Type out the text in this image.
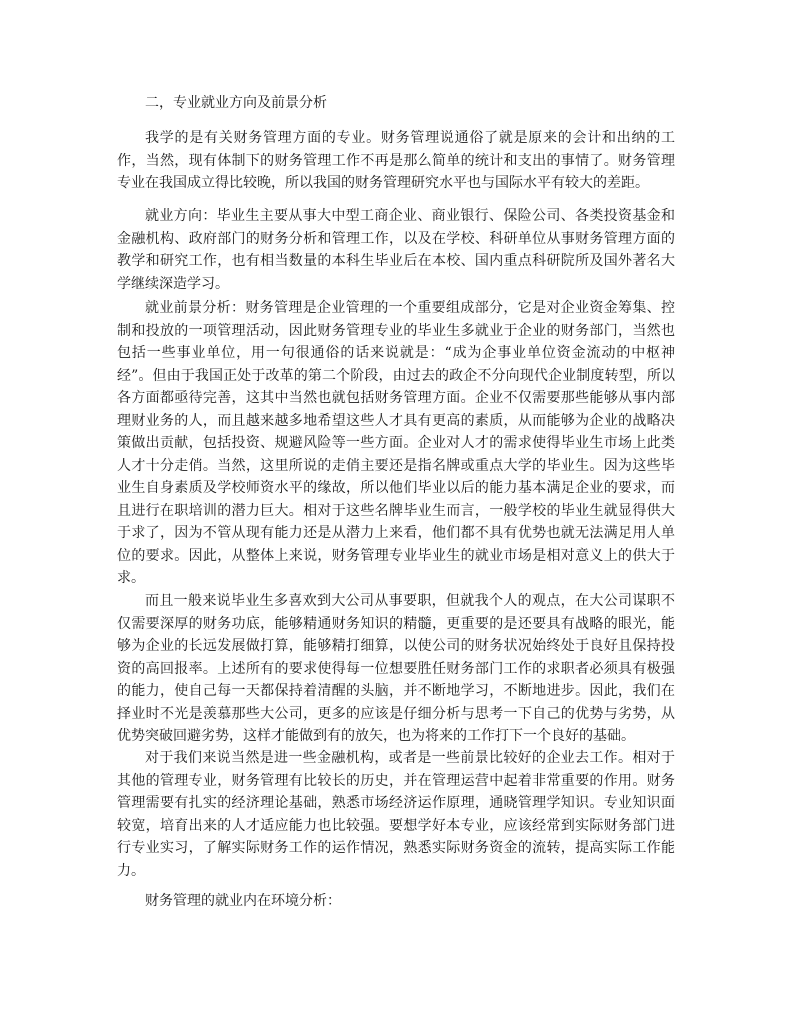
二，专业就业方向及前景分析

我学的是有关财务管理方面的专业。财务管理说通俗了就是原来的会计和出纳的工作，当然，现有体制下的财务管理工作不再是那么简单的统计和支出的事情了。财务管理专业在我国成立得比较晚，所以我国的财务管理研究水平也与国际水平有较大的差距。

就业方向：毕业生主要从事大中型工商企业、商业银行、保险公司、各类投资基金和金融机构、政府部门的财务分析和管理工作，以及在学校、科研单位从事财务管理方面的教学和研究工作，也有相当数量的本科生毕业后在本校、国内重点科研院所及国外著名大学继续深造学习。

就业前景分析：财务管理是企业管理的一个重要组成部分，它是对企业资金筹集、控制和投放的一项管理活动，因此财务管理专业的毕业生多就业于企业的财务部门，当然也包括一些事业单位，用一句很通俗的话来说就是：“成为企事业单位资金流动的中枢神经”。但由于我国正处于改革的第二个阶段，由过去的政企不分向现代企业制度转型，所以各方面都亟待完善，这其中当然也就包括财务管理方面。企业不仅需要那些能够从事内部理财业务的人，而且越来越多地希望这些人才具有更高的素质，从而能够为企业的战略决策做出贡献，包括投资、规避风险等一些方面。企业对人才的需求使得毕业生市场上此类人才十分走俏。当然，这里所说的走俏主要还是指名牌或重点大学的毕业生。因为这些毕业生自身素质及学校师资水平的缘故，所以他们毕业以后的能力基本满足企业的要求，而且进行在职培训的潜力巨大。相对于这些名牌毕业生而言，一般学校的毕业生就显得供大于求了，因为不管从现有能力还是从潜力上来看，他们都不具有优势也就无法满足用人单位的要求。因此，从整体上来说，财务管理专业毕业生的就业市场是相对意义上的供大于求。

而且一般来说毕业生多喜欢到大公司从事要职，但就我个人的观点，在大公司谋职不仅需要深厚的财务功底，能够精通财务知识的精髓，更重要的是还要具有战略的眼光，能够为企业的长远发展做打算，能够精打细算，以使公司的财务状况始终处于良好且保持投资的高回报率。上述所有的要求使得每一位想要胜任财务部门工作的求职者必须具有极强的能力，使自己每一天都保持着清醒的头脑，并不断地学习，不断地进步。因此，我们在择业时不光是羡慕那些大公司，更多的应该是仔细分析与思考一下自己的优势与劣势，从优势突破回避劣势，这样才能做到有的放矢，也为将来的工作打下一个良好的基础。

对于我们来说当然是进一些金融机构，或者是一些前景比较好的企业去工作。相对于其他的管理专业，财务管理有比较长的历史，并在管理运营中起着非常重要的作用。财务管理需要有扎实的经济理论基础，熟悉市场经济运作原理，通晓管理学知识。专业知识面较宽，培育出来的人才适应能力也比较强。要想学好本专业，应该经常到实际财务部门进行专业实习，了解实际财务工作的运作情况，熟悉实际财务资金的流转，提高实际工作能力。

财务管理的就业内在环境分析：
